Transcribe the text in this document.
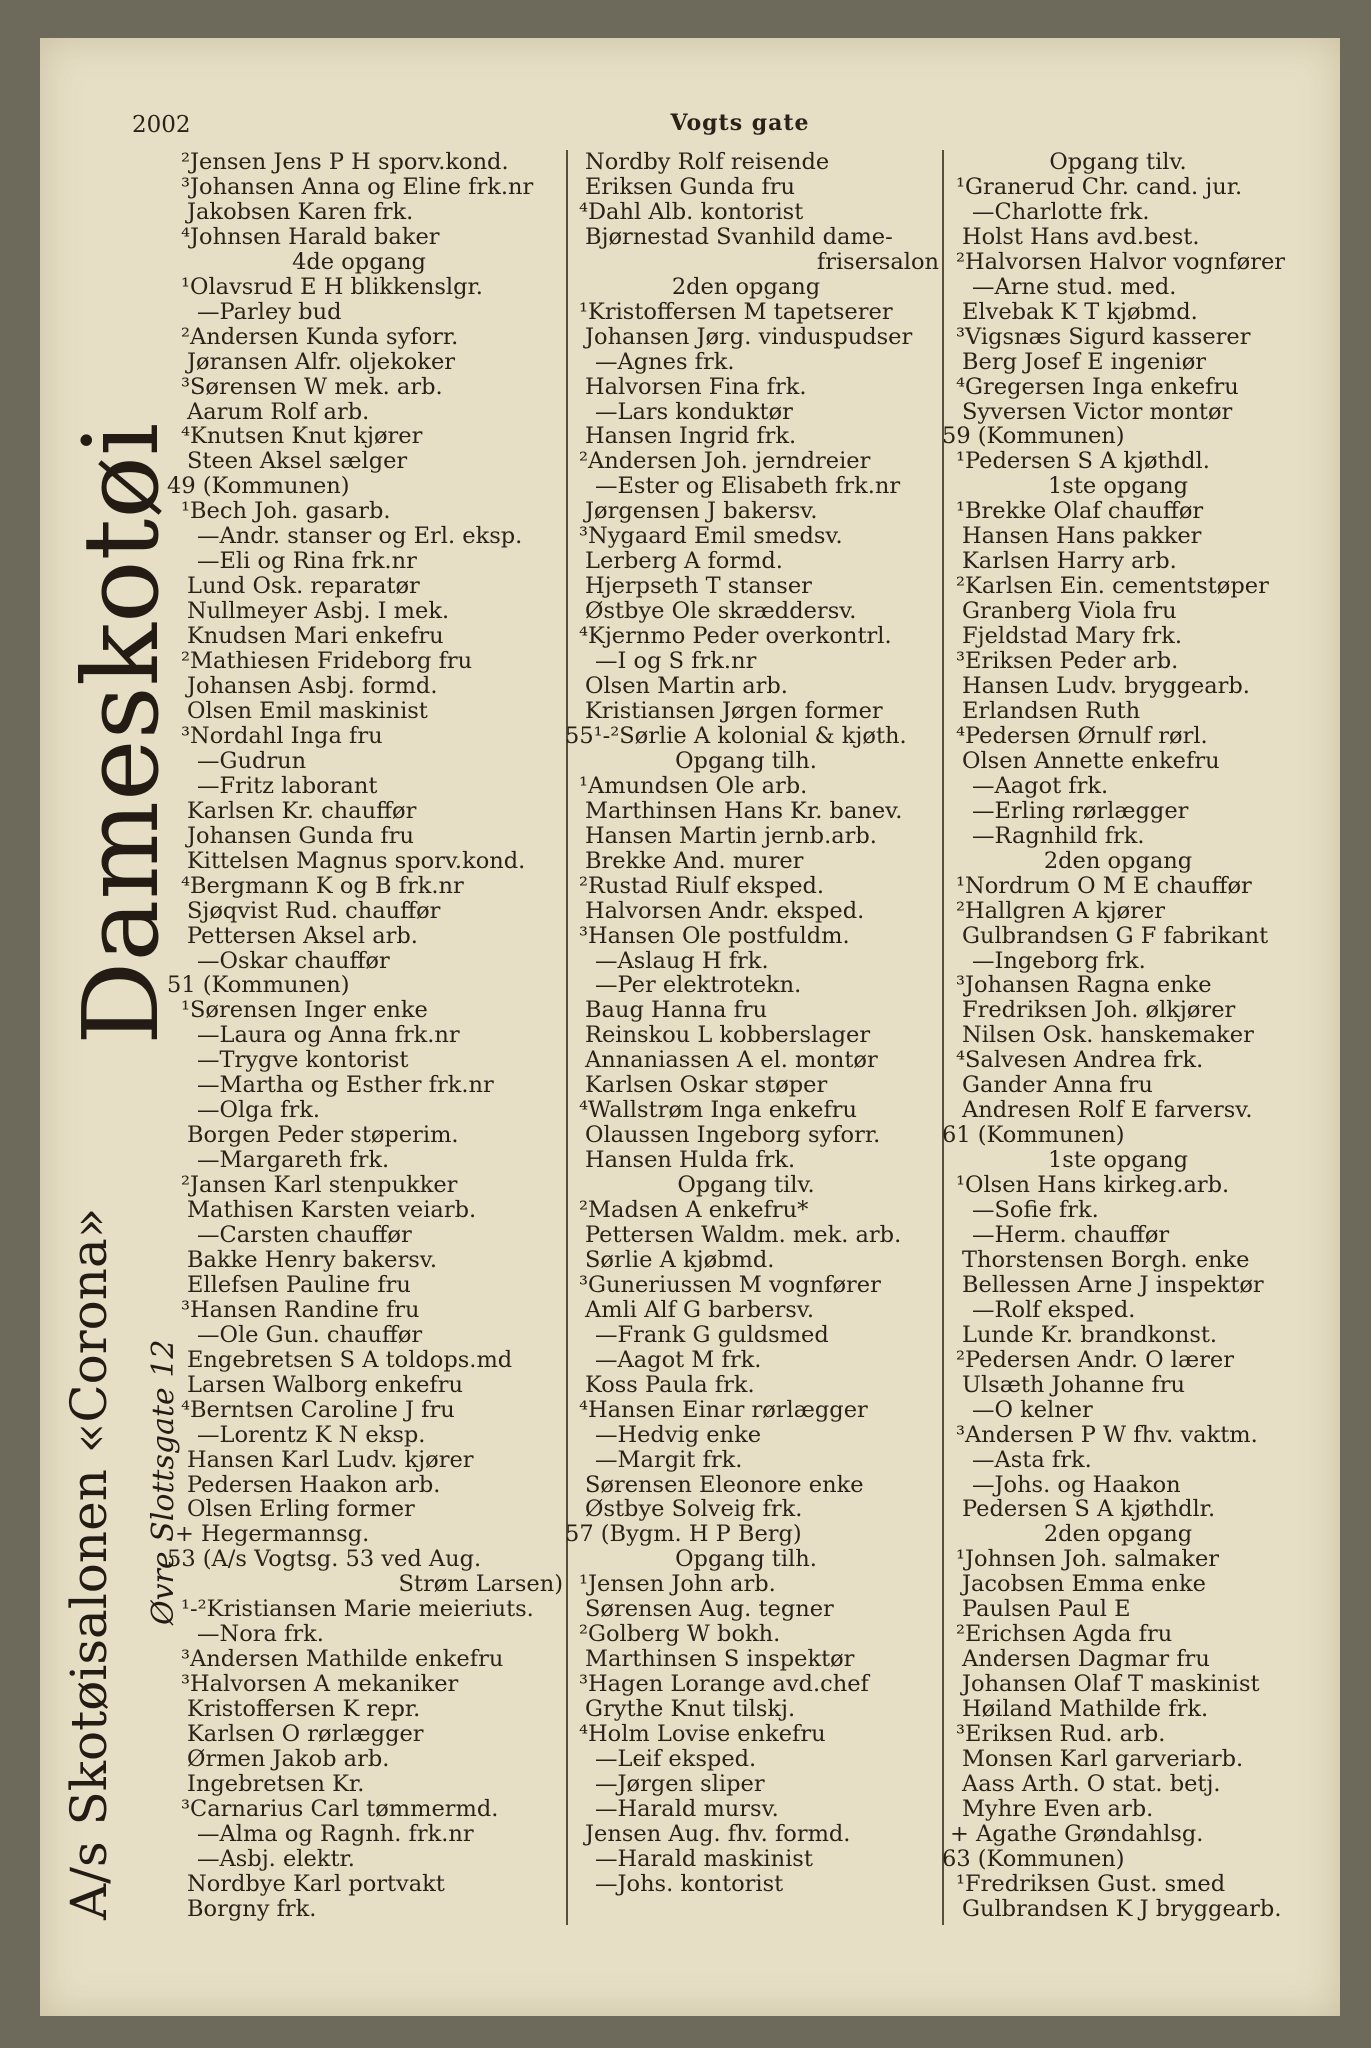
2002	Vogts gate
Dameskotøi
A/s Skotøisalonen «Corona» Øvre Slottsgate 12
²Jensen Jens P H sporv.kond.
³Johansen Anna og Eline frk.nr
Jakobsen Karen frk.
⁴Johnsen Harald baker
4de opgang
¹Olavsrud E H blikkenslgr.
—Parley bud
²Andersen Kunda syforr.
Jøransen Alfr. oljekoker
³Sørensen W mek. arb.
Aarum Rolf arb.
⁴Knutsen Knut kjører
Steen Aksel sælger
49 (Kommunen)
¹Bech Joh. gasarb.
—Andr. stanser og Erl. eksp.
—Eli og Rina frk.nr
Lund Osk. reparatør
Nullmeyer Asbj. I mek.
Knudsen Mari enkefru
²Mathiesen Frideborg fru
Johansen Asbj. formd.
Olsen Emil maskinist
³Nordahl Inga fru
—Gudrun
—Fritz laborant
Karlsen Kr. chauffør
Johansen Gunda fru
Kittelsen Magnus sporv.kond.
⁴Bergmann K og B frk.nr
Sjøqvist Rud. chauffør
Pettersen Aksel arb.
—Oskar chauffør
51 (Kommunen)
¹Sørensen Inger enke
—Laura og Anna frk.nr
—Trygve kontorist
—Martha og Esther frk.nr
—Olga frk.
Borgen Peder støperim.
—Margareth frk.
²Jansen Karl stenpukker
Mathisen Karsten veiarb.
—Carsten chauffør
Bakke Henry bakersv.
Ellefsen Pauline fru
³Hansen Randine fru
—Ole Gun. chauffør
Engebretsen S A toldops.md
Larsen Walborg enkefru
⁴Berntsen Caroline J fru
—Lorentz K N eksp.
Hansen Karl Ludv. kjører
Pedersen Haakon arb.
Olsen Erling former
+ Hegermannsg.
53 (A/s Vogtsg. 53 ved Aug.
Strøm Larsen)
¹-²Kristiansen Marie meieriuts.
—Nora frk.
³Andersen Mathilde enkefru
³Halvorsen A mekaniker
Kristoffersen K repr.
Karlsen O rørlægger
Ørmen Jakob arb.
Ingebretsen Kr.
³Carnarius Carl tømmermd.
—Alma og Ragnh. frk.nr
—Asbj. elektr.
Nordbye Karl portvakt
Borgny frk.
Nordby Rolf reisende
Eriksen Gunda fru
⁴Dahl Alb. kontorist
Bjørnestad Svanhild dame-
frisersalon
2den opgang
¹Kristoffersen M tapetserer
Johansen Jørg. vinduspudser
—Agnes frk.
Halvorsen Fina frk.
—Lars konduktør
Hansen Ingrid frk.
²Andersen Joh. jerndreier
—Ester og Elisabeth frk.nr
Jørgensen J bakersv.
³Nygaard Emil smedsv.
Lerberg A formd.
Hjerpseth T stanser
Østbye Ole skræddersv.
⁴Kjernmo Peder overkontrl.
—I og S frk.nr
Olsen Martin arb.
Kristiansen Jørgen former
55¹-²Sørlie A kolonial & kjøth.
Opgang tilh.
¹Amundsen Ole arb.
Marthinsen Hans Kr. banev.
Hansen Martin jernb.arb.
Brekke And. murer
²Rustad Riulf eksped.
Halvorsen Andr. eksped.
³Hansen Ole postfuldm.
—Aslaug H frk.
—Per elektrotekn.
Baug Hanna fru
Reinskou L kobberslager
Annaniassen A el. montør
Karlsen Oskar støper
⁴Wallstrøm Inga enkefru
Olaussen Ingeborg syforr.
Hansen Hulda frk.
Opgang tilv.
²Madsen A enkefru*
Pettersen Waldm. mek. arb.
Sørlie A kjøbmd.
³Guneriussen M vognfører
Amli Alf G barbersv.
—Frank G guldsmed
—Aagot M frk.
Koss Paula frk.
⁴Hansen Einar rørlægger
—Hedvig enke
—Margit frk.
Sørensen Eleonore enke
Østbye Solveig frk.
57 (Bygm. H P Berg)
Opgang tilh.
¹Jensen John arb.
Sørensen Aug. tegner
²Golberg W bokh.
Marthinsen S inspektør
³Hagen Lorange avd.chef
Grythe Knut tilskj.
⁴Holm Lovise enkefru
—Leif eksped.
—Jørgen sliper
—Harald mursv.
Jensen Aug. fhv. formd.
—Harald maskinist
—Johs. kontorist
Opgang tilv.
¹Granerud Chr. cand. jur.
—Charlotte frk.
Holst Hans avd.best.
²Halvorsen Halvor vognfører
—Arne stud. med.
Elvebak K T kjøbmd.
³Vigsnæs Sigurd kasserer
Berg Josef E ingeniør
⁴Gregersen Inga enkefru
Syversen Victor montør
59 (Kommunen)
¹Pedersen S A kjøthdl.
1ste opgang
¹Brekke Olaf chauffør
Hansen Hans pakker
Karlsen Harry arb.
²Karlsen Ein. cementstøper
Granberg Viola fru
Fjeldstad Mary frk.
³Eriksen Peder arb.
Hansen Ludv. bryggearb.
Erlandsen Ruth
⁴Pedersen Ørnulf rørl.
Olsen Annette enkefru
—Aagot frk.
—Erling rørlægger
—Ragnhild frk.
2den opgang
¹Nordrum O M E chauffør
²Hallgren A kjører
Gulbrandsen G F fabrikant
—Ingeborg frk.
³Johansen Ragna enke
Fredriksen Joh. ølkjører
Nilsen Osk. hanskemaker
⁴Salvesen Andrea frk.
Gander Anna fru
Andresen Rolf E farversv.
61 (Kommunen)
1ste opgang
¹Olsen Hans kirkeg.arb.
—Sofie frk.
—Herm. chauffør
Thorstensen Borgh. enke
Bellessen Arne J inspektør
—Rolf eksped.
Lunde Kr. brandkonst.
²Pedersen Andr. O lærer
Ulsæth Johanne fru
—O kelner
³Andersen P W fhv. vaktm.
—Asta frk.
—Johs. og Haakon
Pedersen S A kjøthdlr.
2den opgang
¹Johnsen Joh. salmaker
Jacobsen Emma enke
Paulsen Paul E
²Erichsen Agda fru
Andersen Dagmar fru
Johansen Olaf T maskinist
Høiland Mathilde frk.
³Eriksen Rud. arb.
Monsen Karl garveriarb.
Aass Arth. O stat. betj.
Myhre Even arb.
+ Agathe Grøndahlsg.
63 (Kommunen)
¹Fredriksen Gust. smed
Gulbrandsen K J bryggearb.
